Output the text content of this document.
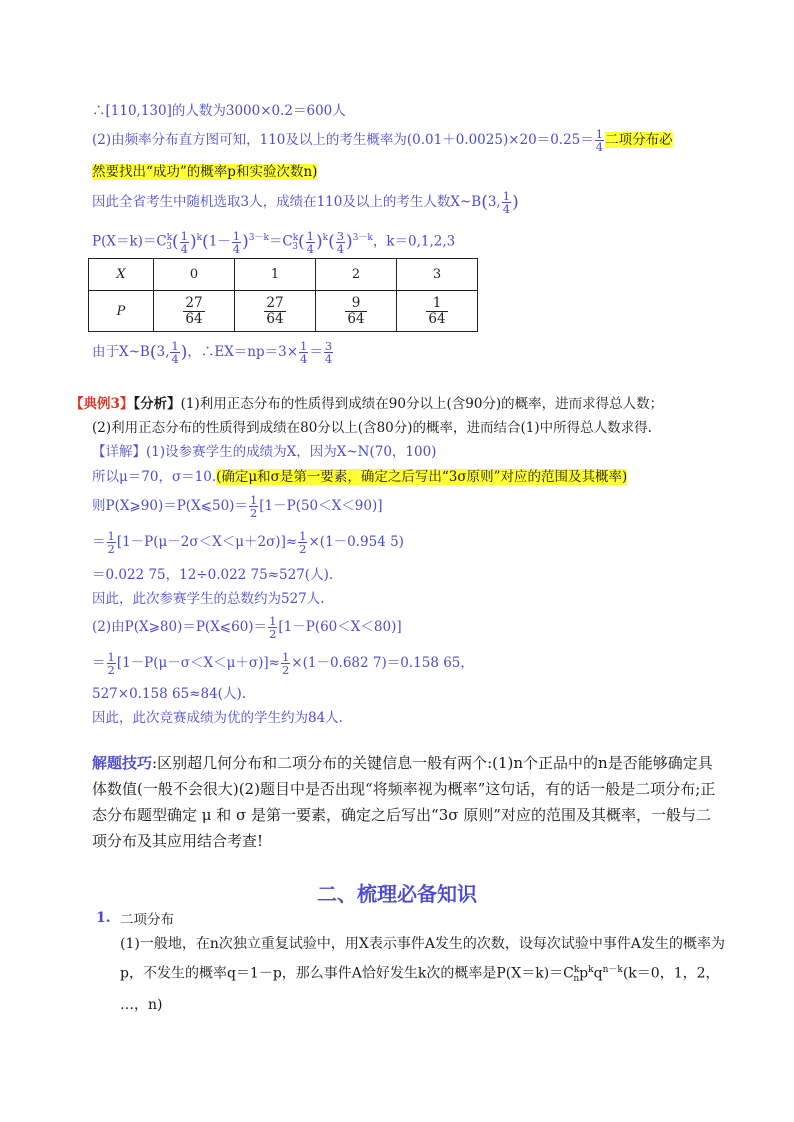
∴[110,130]的人数为3000×0.2＝600人
(2)由频率分布直方图可知，110及以上的考生概率为$(0.01+0.0025)\times 20=0.25= \frac{1}{4}$ 二项分布必
然要找出“成功”的概率p和实验次数n)
因此全省考生中随机选取3人，成绩在110及以上的考生人数X~B(3, $\frac{1}{4}$ )
$P(X=k)=C^k_3( \frac{1}{4} )^k(1- \frac{1}{4} )^{3-k}=C^k_3( \frac{1}{4} )^k( \frac{3}{4} )^{3-k}$，k＝0,1,2,3
X	0	1	2	3
P	$\frac{27}{64}$	$\frac{27}{64}$	$\frac{9}{64}$	$\frac{1}{64}$
由于X~B(3, $\frac{1}{4}$ )，∴EX＝np＝3× $\frac{1}{4} = \frac{3}{4}$
【典例3】【分析】(1)利用正态分布的性质得到成绩在90分以上(含90分)的概率，进而求得总人数；
(2)利用正态分布的性质得到成绩在80分以上(含80分)的概率，进而结合(1)中所得总人数求得.
【详解】(1)设参赛学生的成绩为X，因为X~N(70，100)
所以μ＝70，σ＝10.(确定μ和σ是第一要素，确定之后写出“3σ原则”对应的范围及其概率)
则P(X⩾90)＝P(X⩽50)＝ $\frac{1}{2} [1-P(50<X<90)]$
＝ $\frac{1}{2} [1-P(\mu-2\sigma<X<\mu+2\sigma)]\approx \frac{1}{2} \times(1-0.954$ 5)
＝0.022 75，12÷0.022 75≈527(人).
因此，此次参赛学生的总数约为527人.
(2)由P(X⩾80)＝P(X⩽60)＝ $\frac{1}{2} [1-P(60<X<80)]$
＝ $\frac{1}{2} [1-P(\mu-\sigma<X<\mu+\sigma)]\approx \frac{1}{2} \times(1-0.682$ 7)＝0.158 65，
527×0.158 65≈84(人).
因此，此次竞赛成绩为优的学生约为84人.
解题技巧:区别超几何分布和二项分布的关键信息一般有两个:(1)n个正品中的n是否能够确定具体数值(一般不会很大)(2)题目中是否出现“将频率视为概率”这句话，有的话一般是二项分布;正态分布题型确定 μ 和 σ 是第一要素，确定之后写出“3σ 原则”对应的范围及其概率，一般与二项分布及其应用结合考查!
二、梳理必备知识
1. 二项分布
(1)一般地，在n次独立重复试验中，用X表示事件A发生的次数，设每次试验中事件A发生的概率为p，不发生的概率q＝1－p，那么事件A恰好发生k次的概率是$P(X=k)=C^k_np^kq^{n-k}(k=0$，1，2，
…，n)
